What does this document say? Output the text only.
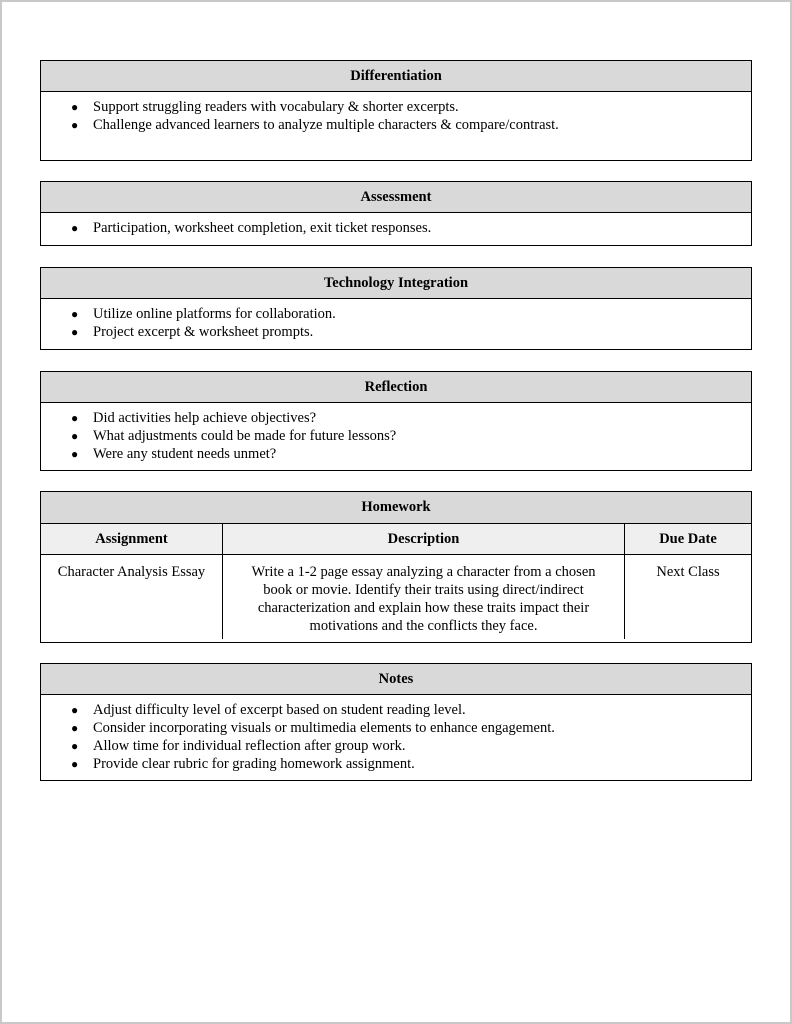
Differentiation
● Support struggling readers with vocabulary & shorter excerpts.
● Challenge advanced learners to analyze multiple characters & compare/contrast.
Assessment
● Participation, worksheet completion, exit ticket responses.
Technology Integration
● Utilize online platforms for collaboration.
● Project excerpt & worksheet prompts.
Reflection
● Did activities help achieve objectives?
● What adjustments could be made for future lessons?
● Were any student needs unmet?
Homework		
Assignment	Description	Due Date
Character Analysis Essay	Write a 1-2 page essay analyzing a character from a chosen book or movie. Identify their traits using direct/indirect characterization and explain how these traits impact their motivations and the conflicts they face.	Next Class
Notes
● Adjust difficulty level of excerpt based on student reading level.
● Consider incorporating visuals or multimedia elements to enhance engagement.
● Allow time for individual reflection after group work.
● Provide clear rubric for grading homework assignment.
